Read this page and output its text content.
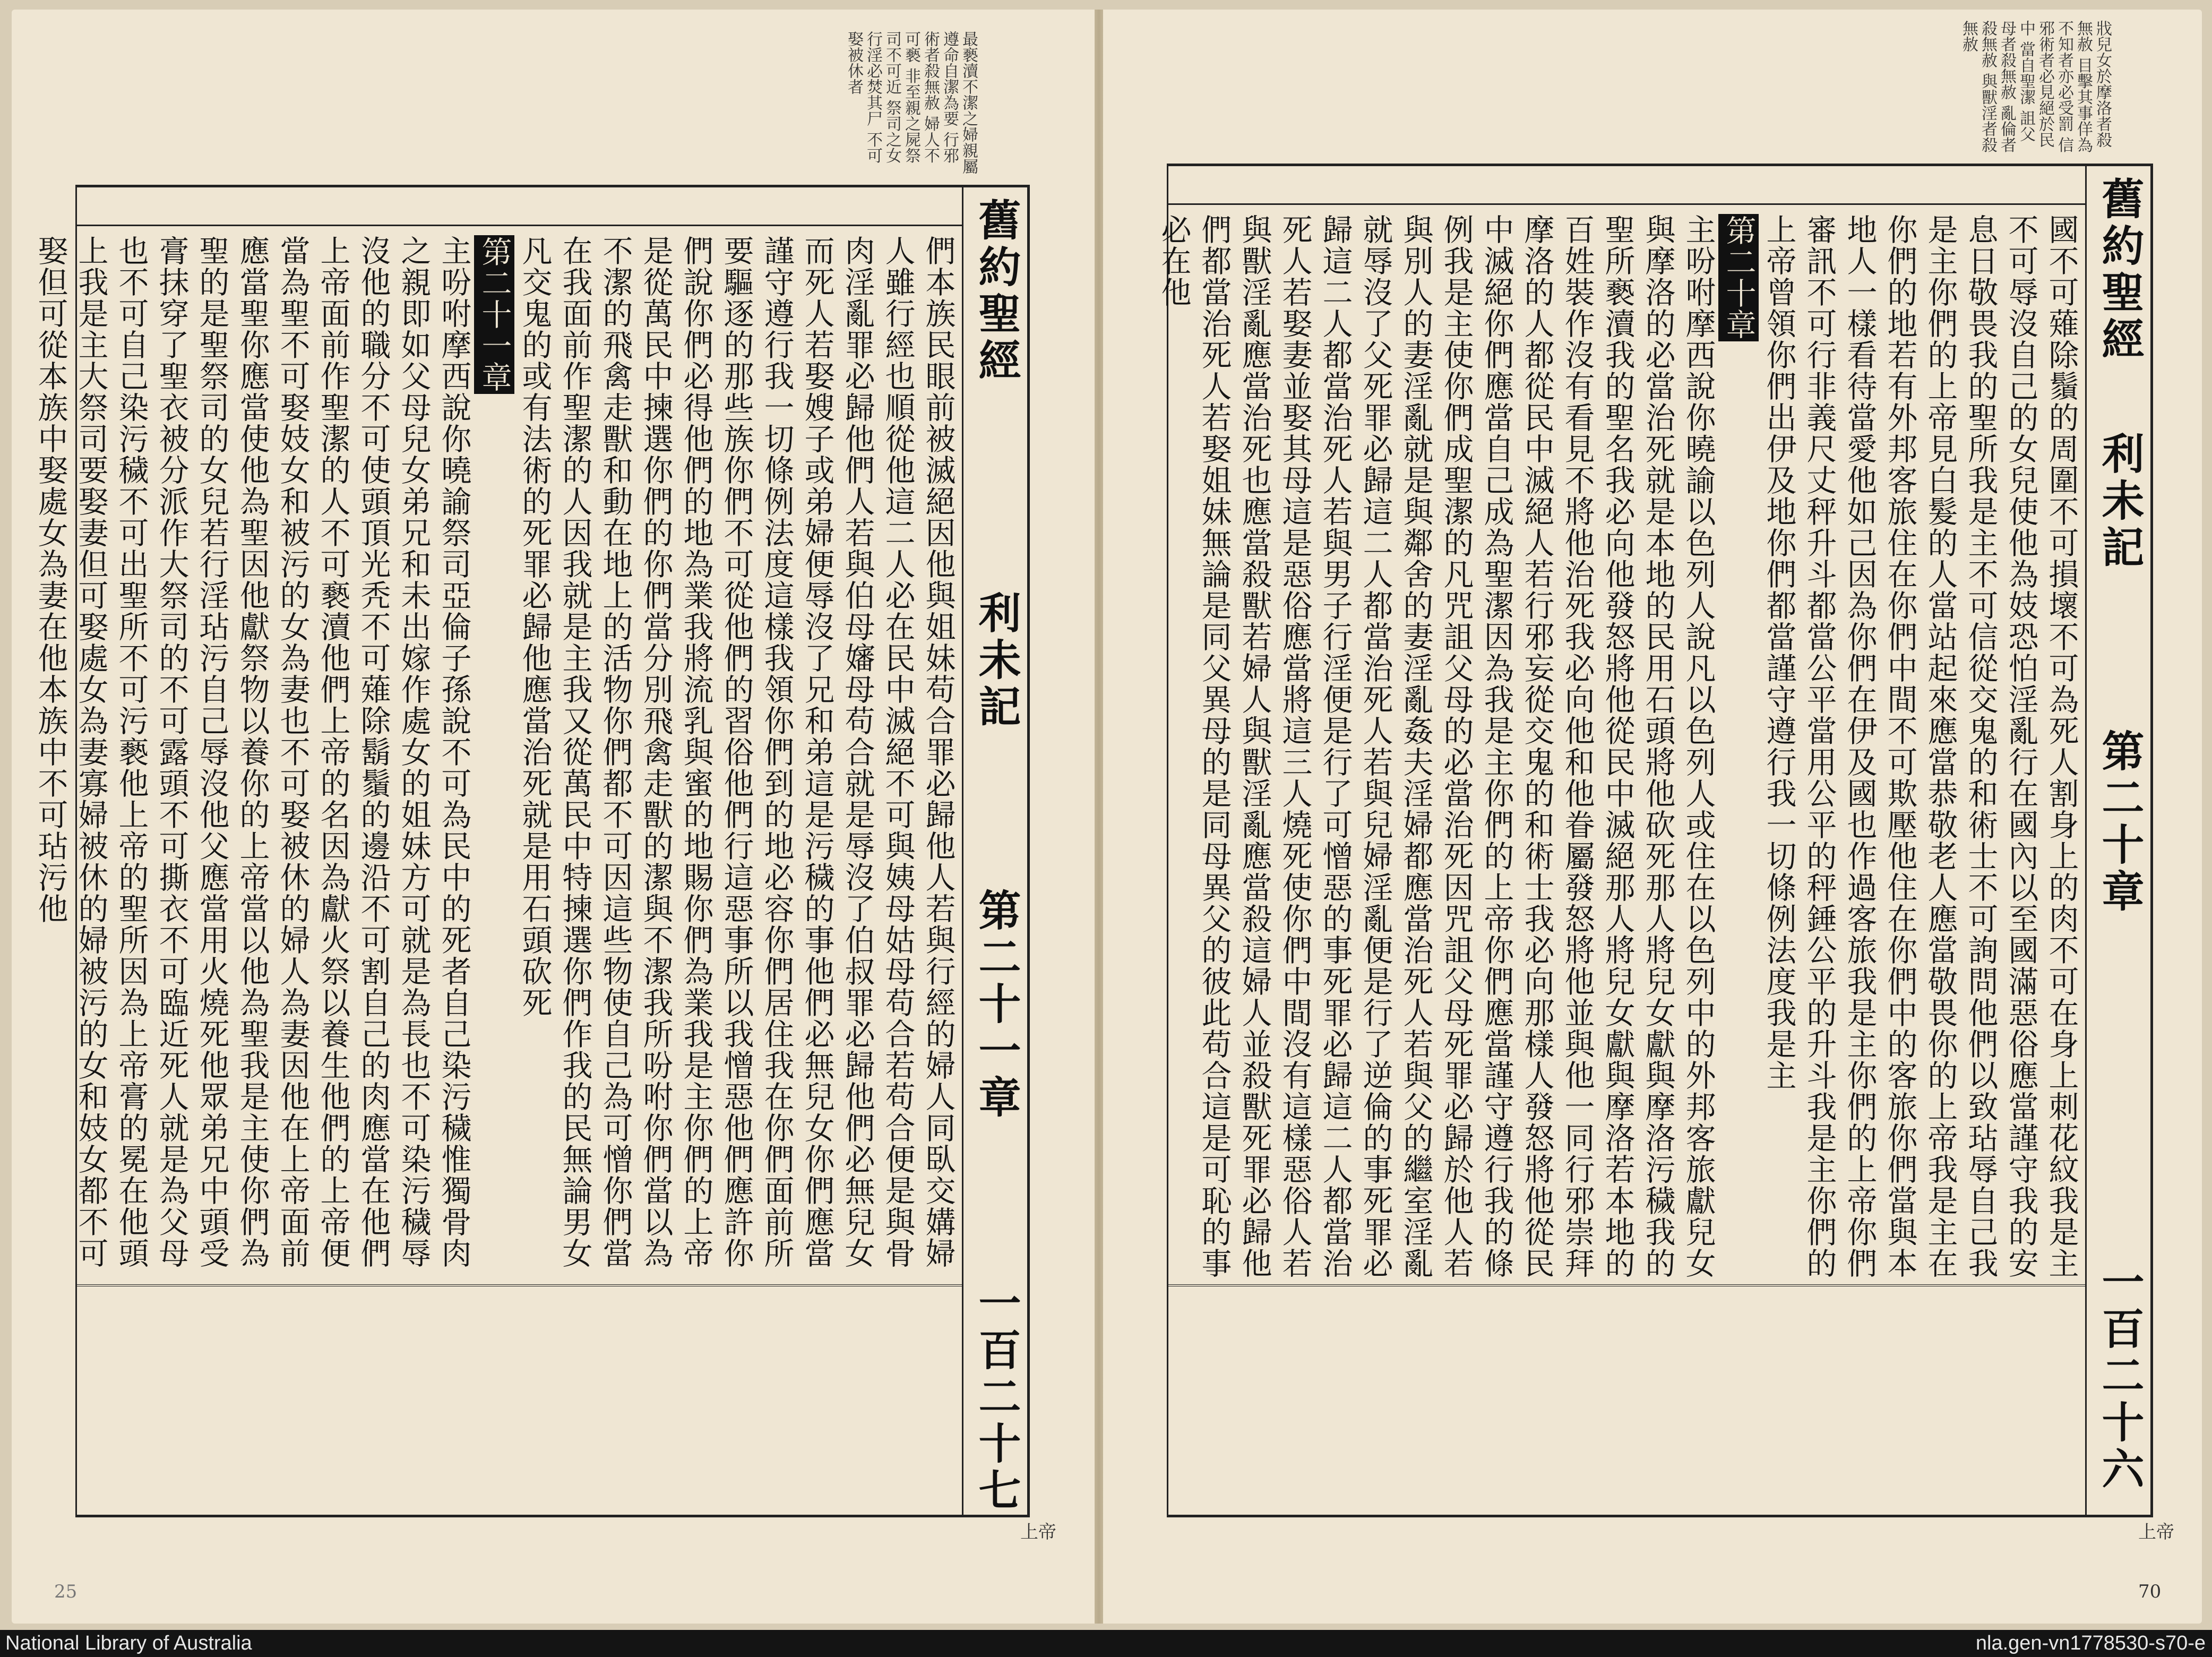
最褻瀆不潔之婦親屬 遵命自潔為要 行邪術者殺無赦 婦人不可褻 非至親之屍祭司不可近 祭司之女行淫必焚其尸 不可娶被休者
舊約聖經
利未記
第二十一章
一百二十七
們本族民眼前被滅絕因他與姐妹苟合罪必歸他人若與行經的婦人同臥交媾婦人雖行經也順從他這二人必在民中滅絕不可與姨母姑母苟合若苟合便是與骨肉淫亂罪必歸他們人若與伯母嬸母苟合就是辱沒了伯叔罪必歸他們必無兒女而死人若娶嫂子或弟婦便辱沒了兄和弟這是污穢的事他們必無兒女你們應當謹守遵行我一切條例法度這樣我領你們到的地必容你們居住我在你們面前所要驅逐的那些族你們不可從他們的習俗他們行這惡事所以我憎惡他們應許你們說你們必得他們的地為業我將流乳與蜜的地賜你們為業我是主你們的上帝是從萬民中揀選你們的你們當分別飛禽走獸的潔與不潔我所吩咐你們當以為不潔的飛禽走獸和動在地上的活物你們都不可因這些物使自己為可憎你們當在我面前作聖潔的人因我就是主我又從萬民中特揀選你們作我的民無論男女凡交鬼的或有法術的死罪必歸他應當治死就是用石頭砍死
第二十一章
主吩咐摩西說你曉諭祭司亞倫子孫說不可為民中的死者自己染污穢惟獨骨肉之親即如父母兒女弟兄和未出嫁作處女的姐妹方可就是為長也不可染污穢辱沒他的職分不可使頭頂光秃不可薙除鬍鬚的邊沿不可割自己的肉應當在他們上帝面前作聖潔的人不可褻瀆他們上帝的名因為獻火祭以養生他們的上帝便當為聖不可娶妓女和被污的女為妻也不可娶被休的婦人為妻因他在上帝面前應當聖你應當使他為聖因他獻祭物以養你的上帝當以他為聖我是主使你們為聖的是聖祭司的女兒若行淫玷污自己辱沒他父應當用火燒死他眾弟兄中頭受膏抹穿了聖衣被分派作大祭司的不可露頭不可撕衣不可臨近死人就是為父母也不可自己染污穢不可出聖所不可污褻他上帝的聖所因為上帝膏的冕在他頭上我是主大祭司要娶妻但可娶處女為妻寡婦被休的婦被污的女和妓女都不可娶但可從本族中娶處女為妻在他本族中不可玷污他
上帝
25
戕兒女於摩洛者殺無赦 目擊其事佯為不知者亦必受罰 信邪術者必見絕於民中 當自聖潔 詛父母者殺無赦 亂倫者殺無赦 與獸淫者殺無赦
舊約聖經
利未記
第二十章
一百二十六
國不可薙除鬚的周圍不可損壞不可為死人割身上的肉不可在身上刺花紋我是主不可辱沒自己的女兒使他為妓恐怕淫亂行在國內以至國滿惡俗應當謹守我的安息日敬畏我的聖所我是主不可信從交鬼的和術士不可詢問他們以致玷辱自己我是主你們的上帝見白髮的人當站起來應當恭敬老人應當敬畏你的上帝我是主在你們的地若有外邦客旅住在你們中間不可欺壓他住在你們中的客旅你們當與本地人一樣看待當愛他如己因為你們在伊及國也作過客旅我是主你們的上帝你們審訊不可行非義尺丈秤升斗都當公平當用公平的秤錘公平的升斗我是主你們的上帝曾領你們出伊及地你們都當謹守遵行我一切條例法度我是主
第二十章
主吩咐摩西說你曉諭以色列人說凡以色列人或住在以色列中的外邦客旅獻兒女與摩洛的必當治死就是本地的民用石頭將他砍死那人將兒女獻與摩洛污穢我的聖所褻瀆我的聖名我必向他發怒將他從民中滅絕那人將兒女獻與摩洛若本地的百姓裝作沒有看見不將他治死我必向他和他眷屬發怒將他並與他一同行邪崇拜摩洛的人都從民中滅絕人若行邪妄從交鬼的和術士我必向那樣人發怒將他從民中滅絕你們應當自己成為聖潔因為我是主你們的上帝你們應當謹守遵行我的條例我是主使你們成聖潔的凡咒詛父母的必當治死因咒詛父母死罪必歸於他人若與別人的妻淫亂就是與鄰舍的妻淫亂姦夫淫婦都應當治死人若與父的繼室淫亂就辱沒了父死罪必歸這二人都當治死人若與兒婦淫亂便是行了逆倫的事死罪必歸這二人都當治死人若與男子行淫便是行了可憎惡的事死罪必歸這二人都當治死人若娶妻並娶其母這是惡俗應當將這三人燒死使你們中間沒有這樣惡俗人若與獸淫亂應當治死也應當殺獸若婦人與獸淫亂應當殺這婦人並殺獸死罪必歸他們都當治死人若娶姐妹無論是同父異母的是同母異父的彼此苟合這是可恥的事必在他
上帝
70
National Library of Australia	nla.gen-vn1778530-s70-e
